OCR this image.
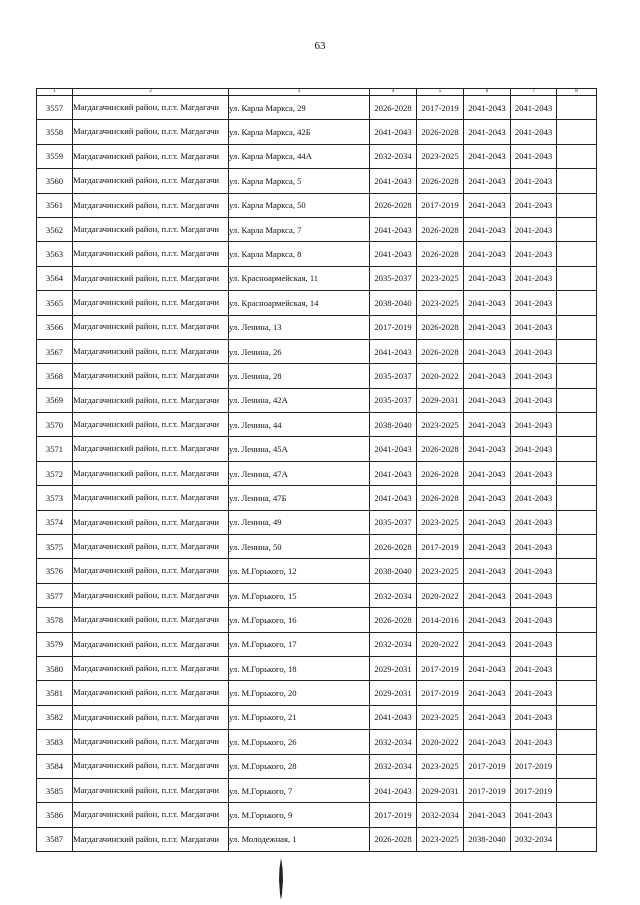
63
1	2	3	4	5	6	7	8
3557	Магдагачинский район, п.г.т. Магдагачи	ул. Карла Маркса, 29	2026-2028	2017-2019	2041-2043	2041-2043	
3558	Магдагачинский район, п.г.т. Магдагачи	ул. Карла Маркса, 42Б	2041-2043	2026-2028	2041-2043	2041-2043	
3559	Магдагачинский район, п.г.т. Магдагачи	ул. Карла Маркса, 44А	2032-2034	2023-2025	2041-2043	2041-2043	
3560	Магдагачинский район, п.г.т. Магдагачи	ул. Карла Маркса, 5	2041-2043	2026-2028	2041-2043	2041-2043	
3561	Магдагачинский район, п.г.т. Магдагачи	ул. Карла Маркса, 50	2026-2028	2017-2019	2041-2043	2041-2043	
3562	Магдагачинский район, п.г.т. Магдагачи	ул. Карла Маркса, 7	2041-2043	2026-2028	2041-2043	2041-2043	
3563	Магдагачинский район, п.г.т. Магдагачи	ул. Карла Маркса, 8	2041-2043	2026-2028	2041-2043	2041-2043	
3564	Магдагачинский район, п.г.т. Магдагачи	ул. Красноармейская, 11	2035-2037	2023-2025	2041-2043	2041-2043	
3565	Магдагачинский район, п.г.т. Магдагачи	ул. Красноармейская, 14	2038-2040	2023-2025	2041-2043	2041-2043	
3566	Магдагачинский район, п.г.т. Магдагачи	ул. Ленина, 13	2017-2019	2026-2028	2041-2043	2041-2043	
3567	Магдагачинский район, п.г.т. Магдагачи	ул. Ленина, 26	2041-2043	2026-2028	2041-2043	2041-2043	
3568	Магдагачинский район, п.г.т. Магдагачи	ул. Ленина, 28	2035-2037	2020-2022	2041-2043	2041-2043	
3569	Магдагачинский район, п.г.т. Магдагачи	ул. Ленина, 42А	2035-2037	2029-2031	2041-2043	2041-2043	
3570	Магдагачинский район, п.г.т. Магдагачи	ул. Ленина, 44	2038-2040	2023-2025	2041-2043	2041-2043	
3571	Магдагачинский район, п.г.т. Магдагачи	ул. Ленина, 45А	2041-2043	2026-2028	2041-2043	2041-2043	
3572	Магдагачинский район, п.г.т. Магдагачи	ул. Ленина, 47А	2041-2043	2026-2028	2041-2043	2041-2043	
3573	Магдагачинский район, п.г.т. Магдагачи	ул. Ленина, 47Б	2041-2043	2026-2028	2041-2043	2041-2043	
3574	Магдагачинский район, п.г.т. Магдагачи	ул. Ленина, 49	2035-2037	2023-2025	2041-2043	2041-2043	
3575	Магдагачинский район, п.г.т. Магдагачи	ул. Ленина, 50	2026-2028	2017-2019	2041-2043	2041-2043	
3576	Магдагачинский район, п.г.т. Магдагачи	ул. М.Горького, 12	2038-2040	2023-2025	2041-2043	2041-2043	
3577	Магдагачинский район, п.г.т. Магдагачи	ул. М.Горького, 15	2032-2034	2020-2022	2041-2043	2041-2043	
3578	Магдагачинский район, п.г.т. Магдагачи	ул. М.Горького, 16	2026-2028	2014-2016	2041-2043	2041-2043	
3579	Магдагачинский район, п.г.т. Магдагачи	ул. М.Горького, 17	2032-2034	2020-2022	2041-2043	2041-2043	
3580	Магдагачинский район, п.г.т. Магдагачи	ул. М.Горького, 18	2029-2031	2017-2019	2041-2043	2041-2043	
3581	Магдагачинский район, п.г.т. Магдагачи	ул. М.Горького, 20	2029-2031	2017-2019	2041-2043	2041-2043	
3582	Магдагачинский район, п.г.т. Магдагачи	ул. М.Горького, 21	2041-2043	2023-2025	2041-2043	2041-2043	
3583	Магдагачинский район, п.г.т. Магдагачи	ул. М.Горького, 26	2032-2034	2020-2022	2041-2043	2041-2043	
3584	Магдагачинский район, п.г.т. Магдагачи	ул. М.Горького, 28	2032-2034	2023-2025	2017-2019	2017-2019	
3585	Магдагачинский район, п.г.т. Магдагачи	ул. М.Горького, 7	2041-2043	2029-2031	2017-2019	2017-2019	
3586	Магдагачинский район, п.г.т. Магдагачи	ул. М.Горького, 9	2017-2019	2032-2034	2041-2043	2041-2043	
3587	Магдагачинский район, п.г.т. Магдагачи	ул. Молодежная, 1	2026-2028	2023-2025	2038-2040	2032-2034	
